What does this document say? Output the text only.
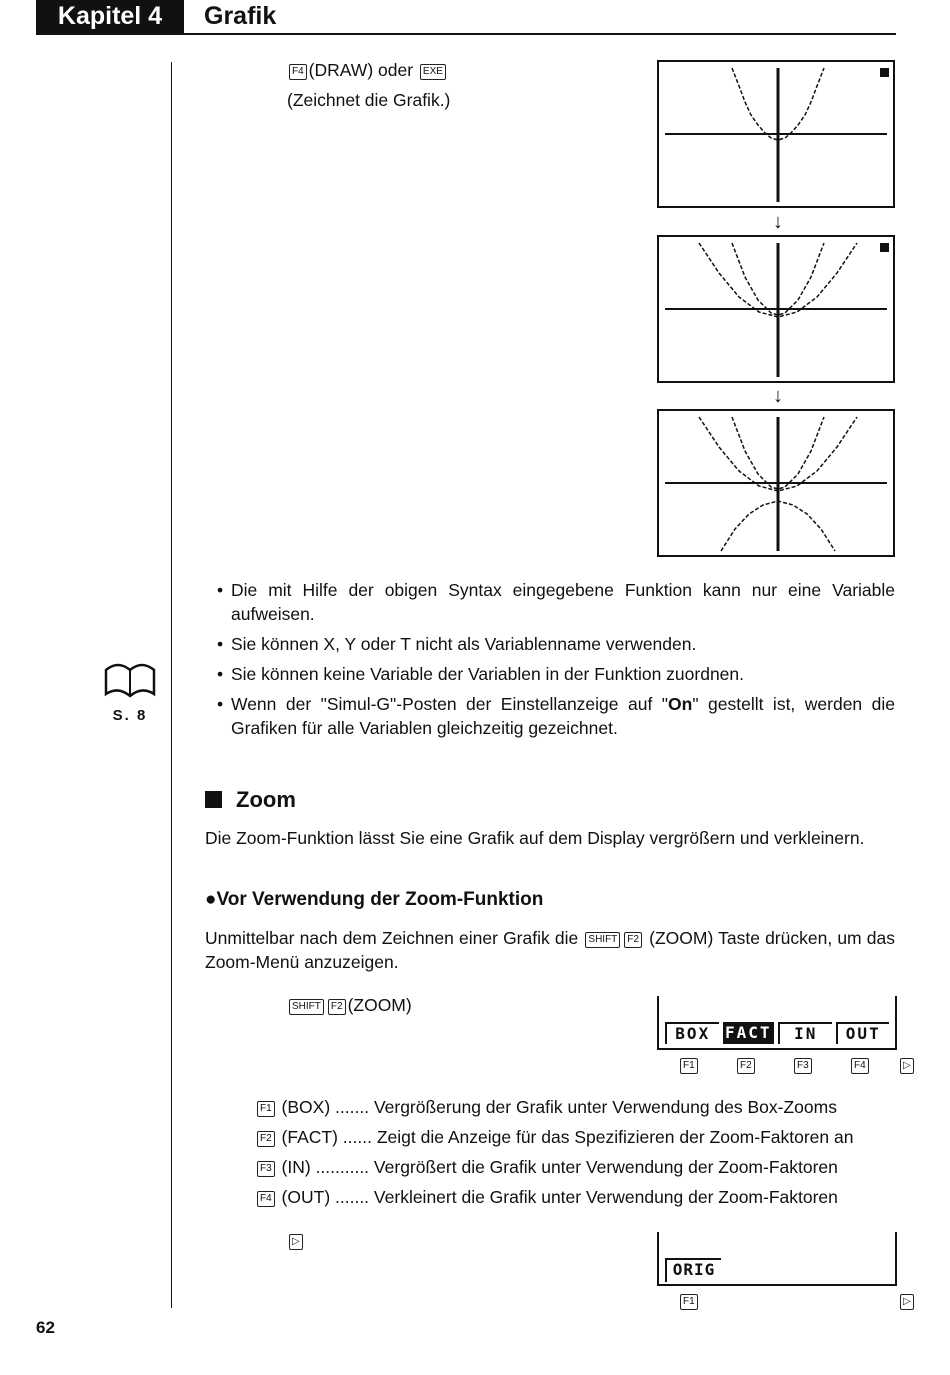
Kapitel 4	Grafik
F4 (DRAW) oder EXE
(Zeichnet die Grafik.)
↓
↓
S. 8
• Die mit Hilfe der obigen Syntax eingegebene Funktion kann nur eine Variable aufweisen.
• Sie können X, Y oder T nicht als Variablenname verwenden.
• Sie können keine Variable der Variablen in der Funktion zuordnen.
• Wenn der "Simul-G"-Posten der Einstellanzeige auf "On" gestellt ist, werden die Grafiken für alle Variablen gleichzeitig gezeichnet.
Zoom
Die Zoom-Funktion lässt Sie eine Grafik auf dem Display vergrößern und verkleinern.
●Vor Verwendung der Zoom-Funktion
Unmittelbar nach dem Zeichnen einer Grafik die SHIFT F2 (ZOOM) Taste drücken, um das Zoom-Menü anzuzeigen.
SHIFT F2 (ZOOM)
BOX FACT	IN	OUT
F1	F2	F3	F4	▷
F1 (BOX) ....... Vergrößerung der Grafik unter Verwendung des Box-Zooms
F2 (FACT) ...... Zeigt die Anzeige für das Spezifizieren der Zoom-Faktoren an
F3 (IN) ........... Vergrößert die Grafik unter Verwendung der Zoom-Faktoren
F4 (OUT) ....... Verkleinert die Grafik unter Verwendung der Zoom-Faktoren
▷
ORIG
F1	▷
62
